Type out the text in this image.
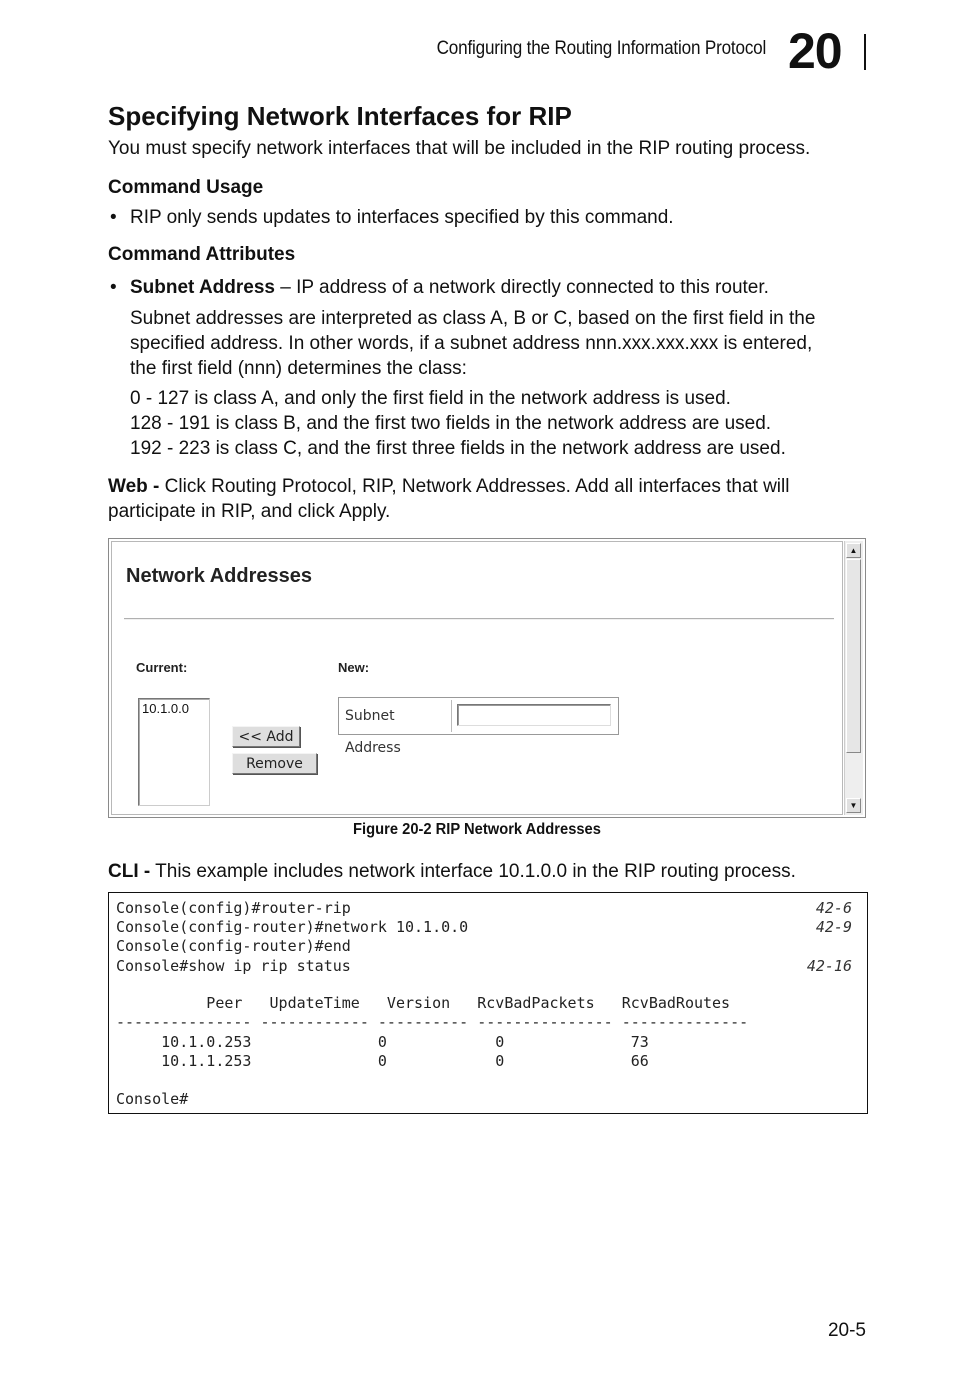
Configuring the Routing Information Protocol 20
Specifying Network Interfaces for RIP
You must specify network interfaces that will be included in the RIP routing process.
Command Usage
• RIP only sends updates to interfaces specified by this command.
Command Attributes
• Subnet Address – IP address of a network directly connected to this router.
Subnet addresses are interpreted as class A, B or C, based on the first field in the
specified address. In other words, if a subnet address nnn.xxx.xxx.xxx is entered,
the first field (nnn) determines the class:
0 - 127 is class A, and only the first field in the network address is used.
128 - 191 is class B, and the first two fields in the network address are used.
192 - 223 is class C, and the first three fields in the network address are used.
Web - Click Routing Protocol, RIP, Network Addresses. Add all interfaces that will
participate in RIP, and click Apply.
Network Addresses
Current:	New:
10.1.0.0
<< Add
Remove
Subnet Address
▲
▼
Figure 20-2 RIP Network Addresses
CLI - This example includes network interface 10.1.0.0 in the RIP routing process.
Console(config)#router-rip	42-6
Console(config-router)#network 10.1.0.0	42-9
Console(config-router)#end
Console#show ip rip status	42-16
Peer   UpdateTime   Version   RcvBadPackets   RcvBadRoutes
--------------- ------------ ---------- --------------- --------------
10.1.0.253              0            0              73
10.1.1.253              0            0              66
Console#
20-5
